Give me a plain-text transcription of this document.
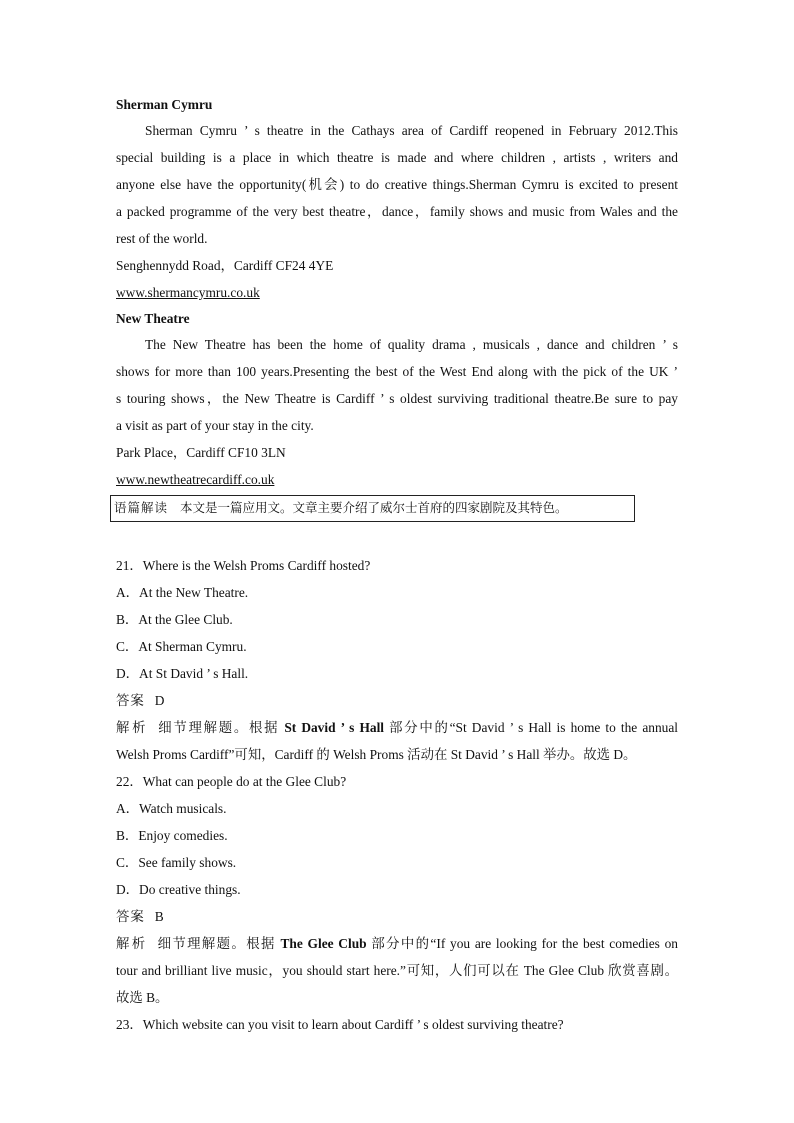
Sherman Cymru
Sherman Cymru ’ s theatre in the Cathays area of Cardiff reopened in February 2012.This
special building is a place in which theatre is made and where children , artists , writers and
anyone else have the opportunity(机会) to do creative things.Sherman Cymru is excited to present
a packed programme of the very best theatre，dance，family shows and music from Wales and the
rest of the world.
Senghennydd Road，Cardiff CF24 4YE
www.shermancymru.co.uk
New Theatre
The New Theatre has been the home of quality drama , musicals , dance and children ’ s
shows for more than 100 years.Presenting the best of the West End along with the pick of the UK ’
s touring shows，the New Theatre is Cardiff ’ s oldest surviving traditional theatre.Be sure to pay
a visit as part of your stay in the city.
Park Place，Cardiff CF10 3LN
www.newtheatrecardiff.co.uk
语篇解读 本文是一篇应用文。文章主要介绍了威尔士首府的四家剧院及其特色。
21．Where is the Welsh Proms Cardiff hosted?
A．At the New Theatre.
B．At the Glee Club.
C．At Sherman Cymru.
D．At St David ’ s Hall.
答案 D
解析 细节理解题。根据 St David ’ s Hall 部分中的“St David ’ s Hall is home to the annual
Welsh Proms Cardiff”可知，Cardiff 的 Welsh Proms 活动在 St David ’ s Hall 举办。故选 D。
22．What can people do at the Glee Club?
A．Watch musicals.
B．Enjoy comedies.
C．See family shows.
D．Do creative things.
答案 B
解析 细节理解题。根据 The Glee Club 部分中的“If you are looking for the best comedies on
tour and brilliant live music，you should start here.”可知，人们可以在 The Glee Club 欣赏喜剧。
故选 B。
23．Which website can you visit to learn about Cardiff ’ s oldest surviving theatre?
